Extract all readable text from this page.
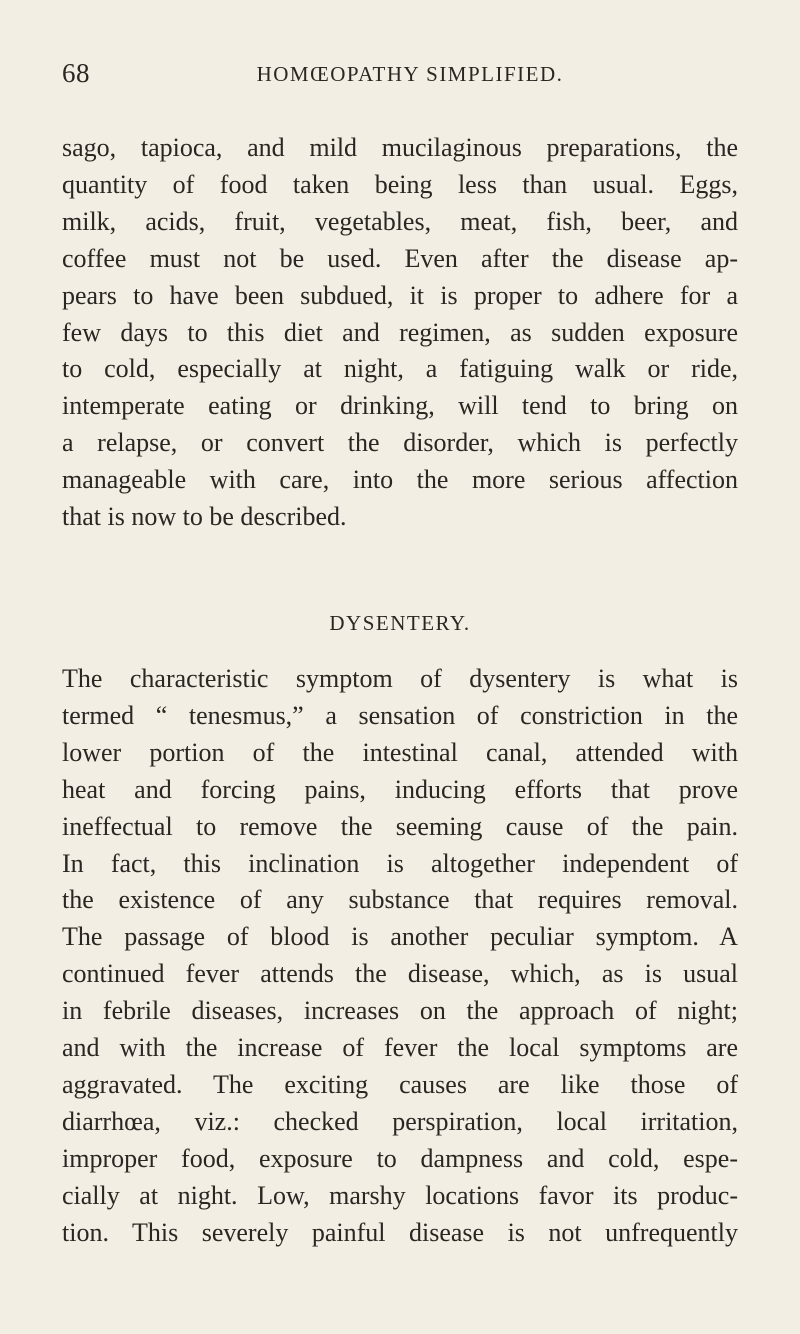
68	HOMŒOPATHY SIMPLIFIED.
sago, tapioca, and mild mucilaginous preparations, the
quantity of food taken being less than usual. Eggs,
milk, acids, fruit, vegetables, meat, fish, beer, and
coffee must not be used. Even after the disease ap-
pears to have been subdued, it is proper to adhere for a
few days to this diet and regimen, as sudden exposure
to cold, especially at night, a fatiguing walk or ride,
intemperate eating or drinking, will tend to bring on
a relapse, or convert the disorder, which is perfectly
manageable with care, into the more serious affection
that is now to be described.
DYSENTERY.
The characteristic symptom of dysentery is what is
termed “ tenesmus,” a sensation of constriction in the
lower portion of the intestinal canal, attended with
heat and forcing pains, inducing efforts that prove
ineffectual to remove the seeming cause of the pain.
In fact, this inclination is altogether independent of
the existence of any substance that requires removal.
The passage of blood is another peculiar symptom. A
continued fever attends the disease, which, as is usual
in febrile diseases, increases on the approach of night;
and with the increase of fever the local symptoms are
aggravated. The exciting causes are like those of
diarrhœa, viz.: checked perspiration, local irritation,
improper food, exposure to dampness and cold, espe-
cially at night. Low, marshy locations favor its produc-
tion. This severely painful disease is not unfrequently
